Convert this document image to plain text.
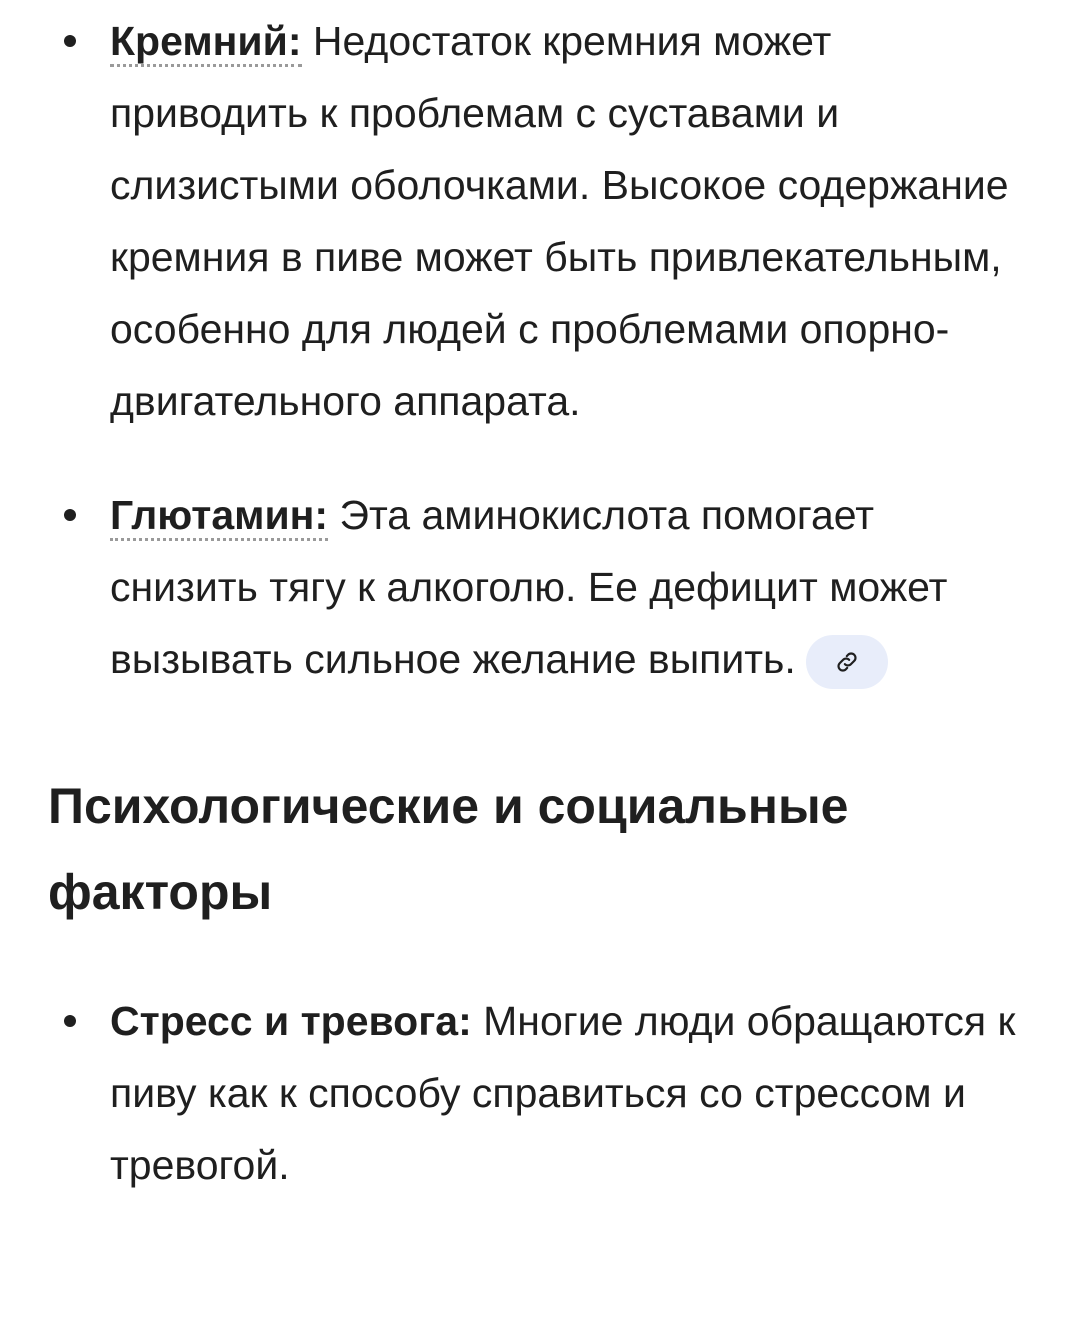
Кремний: Недостаток кремния может приводить к проблемам с суставами и слизистыми оболочками. Высокое содержание кремния в пиве может быть привлекательным, особенно для людей с проблемами опорно-двигательного аппарата.
Глютамин: Эта аминокислота помогает снизить тягу к алкоголю. Ее дефицит может вызывать сильное желание выпить.
Психологические и социальные факторы
Стресс и тревога: Многие люди обращаются к пиву как к способу справиться со стрессом и тревогой.
